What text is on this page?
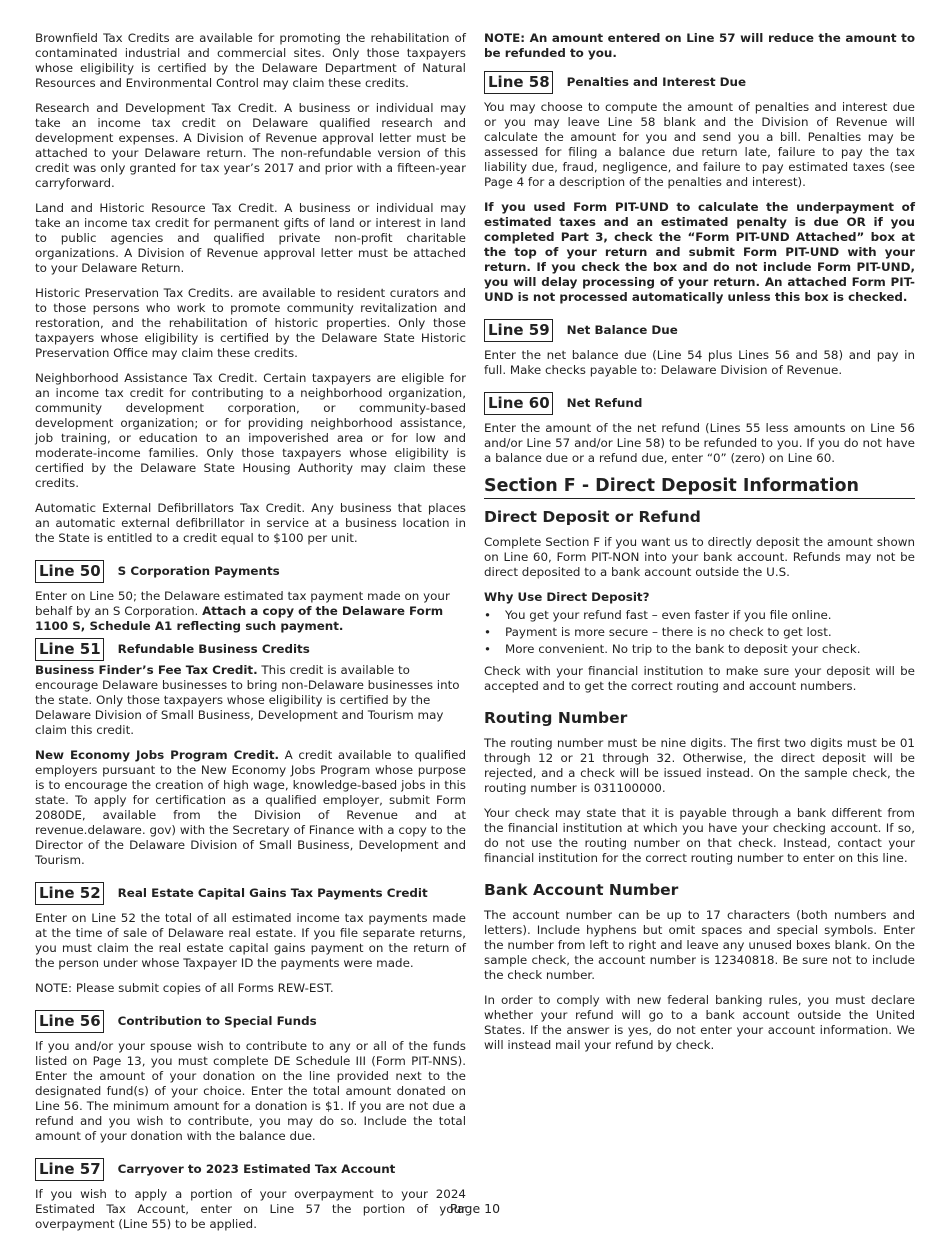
Brownfield Tax Credits are available for promoting the rehabilitation of contaminated industrial and commercial sites. Only those taxpayers whose eligibility is certified by the Delaware Department of Natural Resources and Environmental Control may claim these credits.

Research and Development Tax Credit. A business or individual may take an income tax credit on Delaware qualified research and development expenses. A Division of Revenue approval letter must be attached to your Delaware return. The non-refundable version of this credit was only granted for tax year’s 2017 and prior with a fifteen-year carryforward.

Land and Historic Resource Tax Credit. A business or individual may take an income tax credit for permanent gifts of land or interest in land to public agencies and qualified private non-profit charitable organizations. A Division of Revenue approval letter must be attached to your Delaware Return.

Historic Preservation Tax Credits. are available to resident curators and to those persons who work to promote community revitalization and restoration, and the rehabilitation of historic properties. Only those taxpayers whose eligibility is certified by the Delaware State Historic Preservation Office may claim these credits.

Neighborhood Assistance Tax Credit. Certain taxpayers are eligible for an income tax credit for contributing to a neighborhood organization, community development corporation, or community-based development organization; or for providing neighborhood assistance, job training, or education to an impoverished area or for low and moderate-income families. Only those taxpayers whose eligibility is certified by the Delaware State Housing Authority may claim these credits.

Automatic External Defibrillators Tax Credit. Any business that places an automatic external defibrillator in service at a business location in the State is entitled to a credit equal to $100 per unit.

Line 50 S Corporation Payments

Enter on Line 50; the Delaware estimated tax payment made on your behalf by an S Corporation. Attach a copy of the Delaware Form 1100 S, Schedule A1 reflecting such payment.

Line 51 Refundable Business Credits

Business Finder’s Fee Tax Credit. This credit is available to encourage Delaware businesses to bring non-Delaware businesses into the state. Only those taxpayers whose eligibility is certified by the Delaware Division of Small Business, Development and Tourism may claim this credit.

New Economy Jobs Program Credit. A credit available to qualified employers pursuant to the New Economy Jobs Program whose purpose is to encourage the creation of high wage, knowledge-based jobs in this state. To apply for certification as a qualified employer, submit Form 2080DE, available from the Division of Revenue and at revenue.delaware. gov) with the Secretary of Finance with a copy to the Director of the Delaware Division of Small Business, Development and Tourism.

Line 52 Real Estate Capital Gains Tax Payments Credit

Enter on Line 52 the total of all estimated income tax payments made at the time of sale of Delaware real estate. If you file separate returns, you must claim the real estate capital gains payment on the return of the person under whose Taxpayer ID the payments were made.

NOTE: Please submit copies of all Forms REW-EST.

Line 56 Contribution to Special Funds

If you and/or your spouse wish to contribute to any or all of the funds listed on Page 13, you must complete DE Schedule III (Form PIT-NNS). Enter the amount of your donation on the line provided next to the designated fund(s) of your choice. Enter the total amount donated on Line 56. The minimum amount for a donation is $1. If you are not due a refund and you wish to contribute, you may do so. Include the total amount of your donation with the balance due.

Line 57 Carryover to 2023 Estimated Tax Account

If you wish to apply a portion of your overpayment to your 2024 Estimated Tax Account, enter on Line 57 the portion of your overpayment (Line 55) to be applied.

NOTE: An amount entered on Line 57 will reduce the amount to be refunded to you.

Line 58 Penalties and Interest Due

You may choose to compute the amount of penalties and interest due or you may leave Line 58 blank and the Division of Revenue will calculate the amount for you and send you a bill. Penalties may be assessed for filing a balance due return late, failure to pay the tax liability due, fraud, negligence, and failure to pay estimated taxes (see Page 4 for a description of the penalties and interest).

If you used Form PIT-UND to calculate the underpayment of estimated taxes and an estimated penalty is due OR if you completed Part 3, check the “Form PIT-UND Attached” box at the top of your return and submit Form PIT-UND with your return. If you check the box and do not include Form PIT-UND, you will delay processing of your return. An attached Form PIT-UND is not processed automatically unless this box is checked.

Line 59 Net Balance Due

Enter the net balance due (Line 54 plus Lines 56 and 58) and pay in full. Make checks payable to: Delaware Division of Revenue.

Line 60 Net Refund

Enter the amount of the net refund (Lines 55 less amounts on Line 56 and/or Line 57 and/or Line 58) to be refunded to you. If you do not have a balance due or a refund due, enter “0” (zero) on Line 60.

Section F - Direct Deposit Information
Direct Deposit or Refund

Complete Section F if you want us to directly deposit the amount shown on Line 60, Form PIT-NON into your bank account. Refunds may not be direct deposited to a bank account outside the U.S.

Why Use Direct Deposit?
• You get your refund fast – even faster if you file online.
• Payment is more secure – there is no check to get lost.
• More convenient. No trip to the bank to deposit your check.

Check with your financial institution to make sure your deposit will be accepted and to get the correct routing and account numbers.

Routing Number

The routing number must be nine digits. The first two digits must be 01 through 12 or 21 through 32. Otherwise, the direct deposit will be rejected, and a check will be issued instead. On the sample check, the routing number is 031100000.

Your check may state that it is payable through a bank different from the financial institution at which you have your checking account. If so, do not use the routing number on that check. Instead, contact your financial institution for the correct routing number to enter on this line.

Bank Account Number

The account number can be up to 17 characters (both numbers and letters). Include hyphens but omit spaces and special symbols. Enter the number from left to right and leave any unused boxes blank. On the sample check, the account number is 12340818. Be sure not to include the check number.

In order to comply with new federal banking rules, you must declare whether your refund will go to a bank account outside the United States. If the answer is yes, do not enter your account information. We will instead mail your refund by check.

Page 10
